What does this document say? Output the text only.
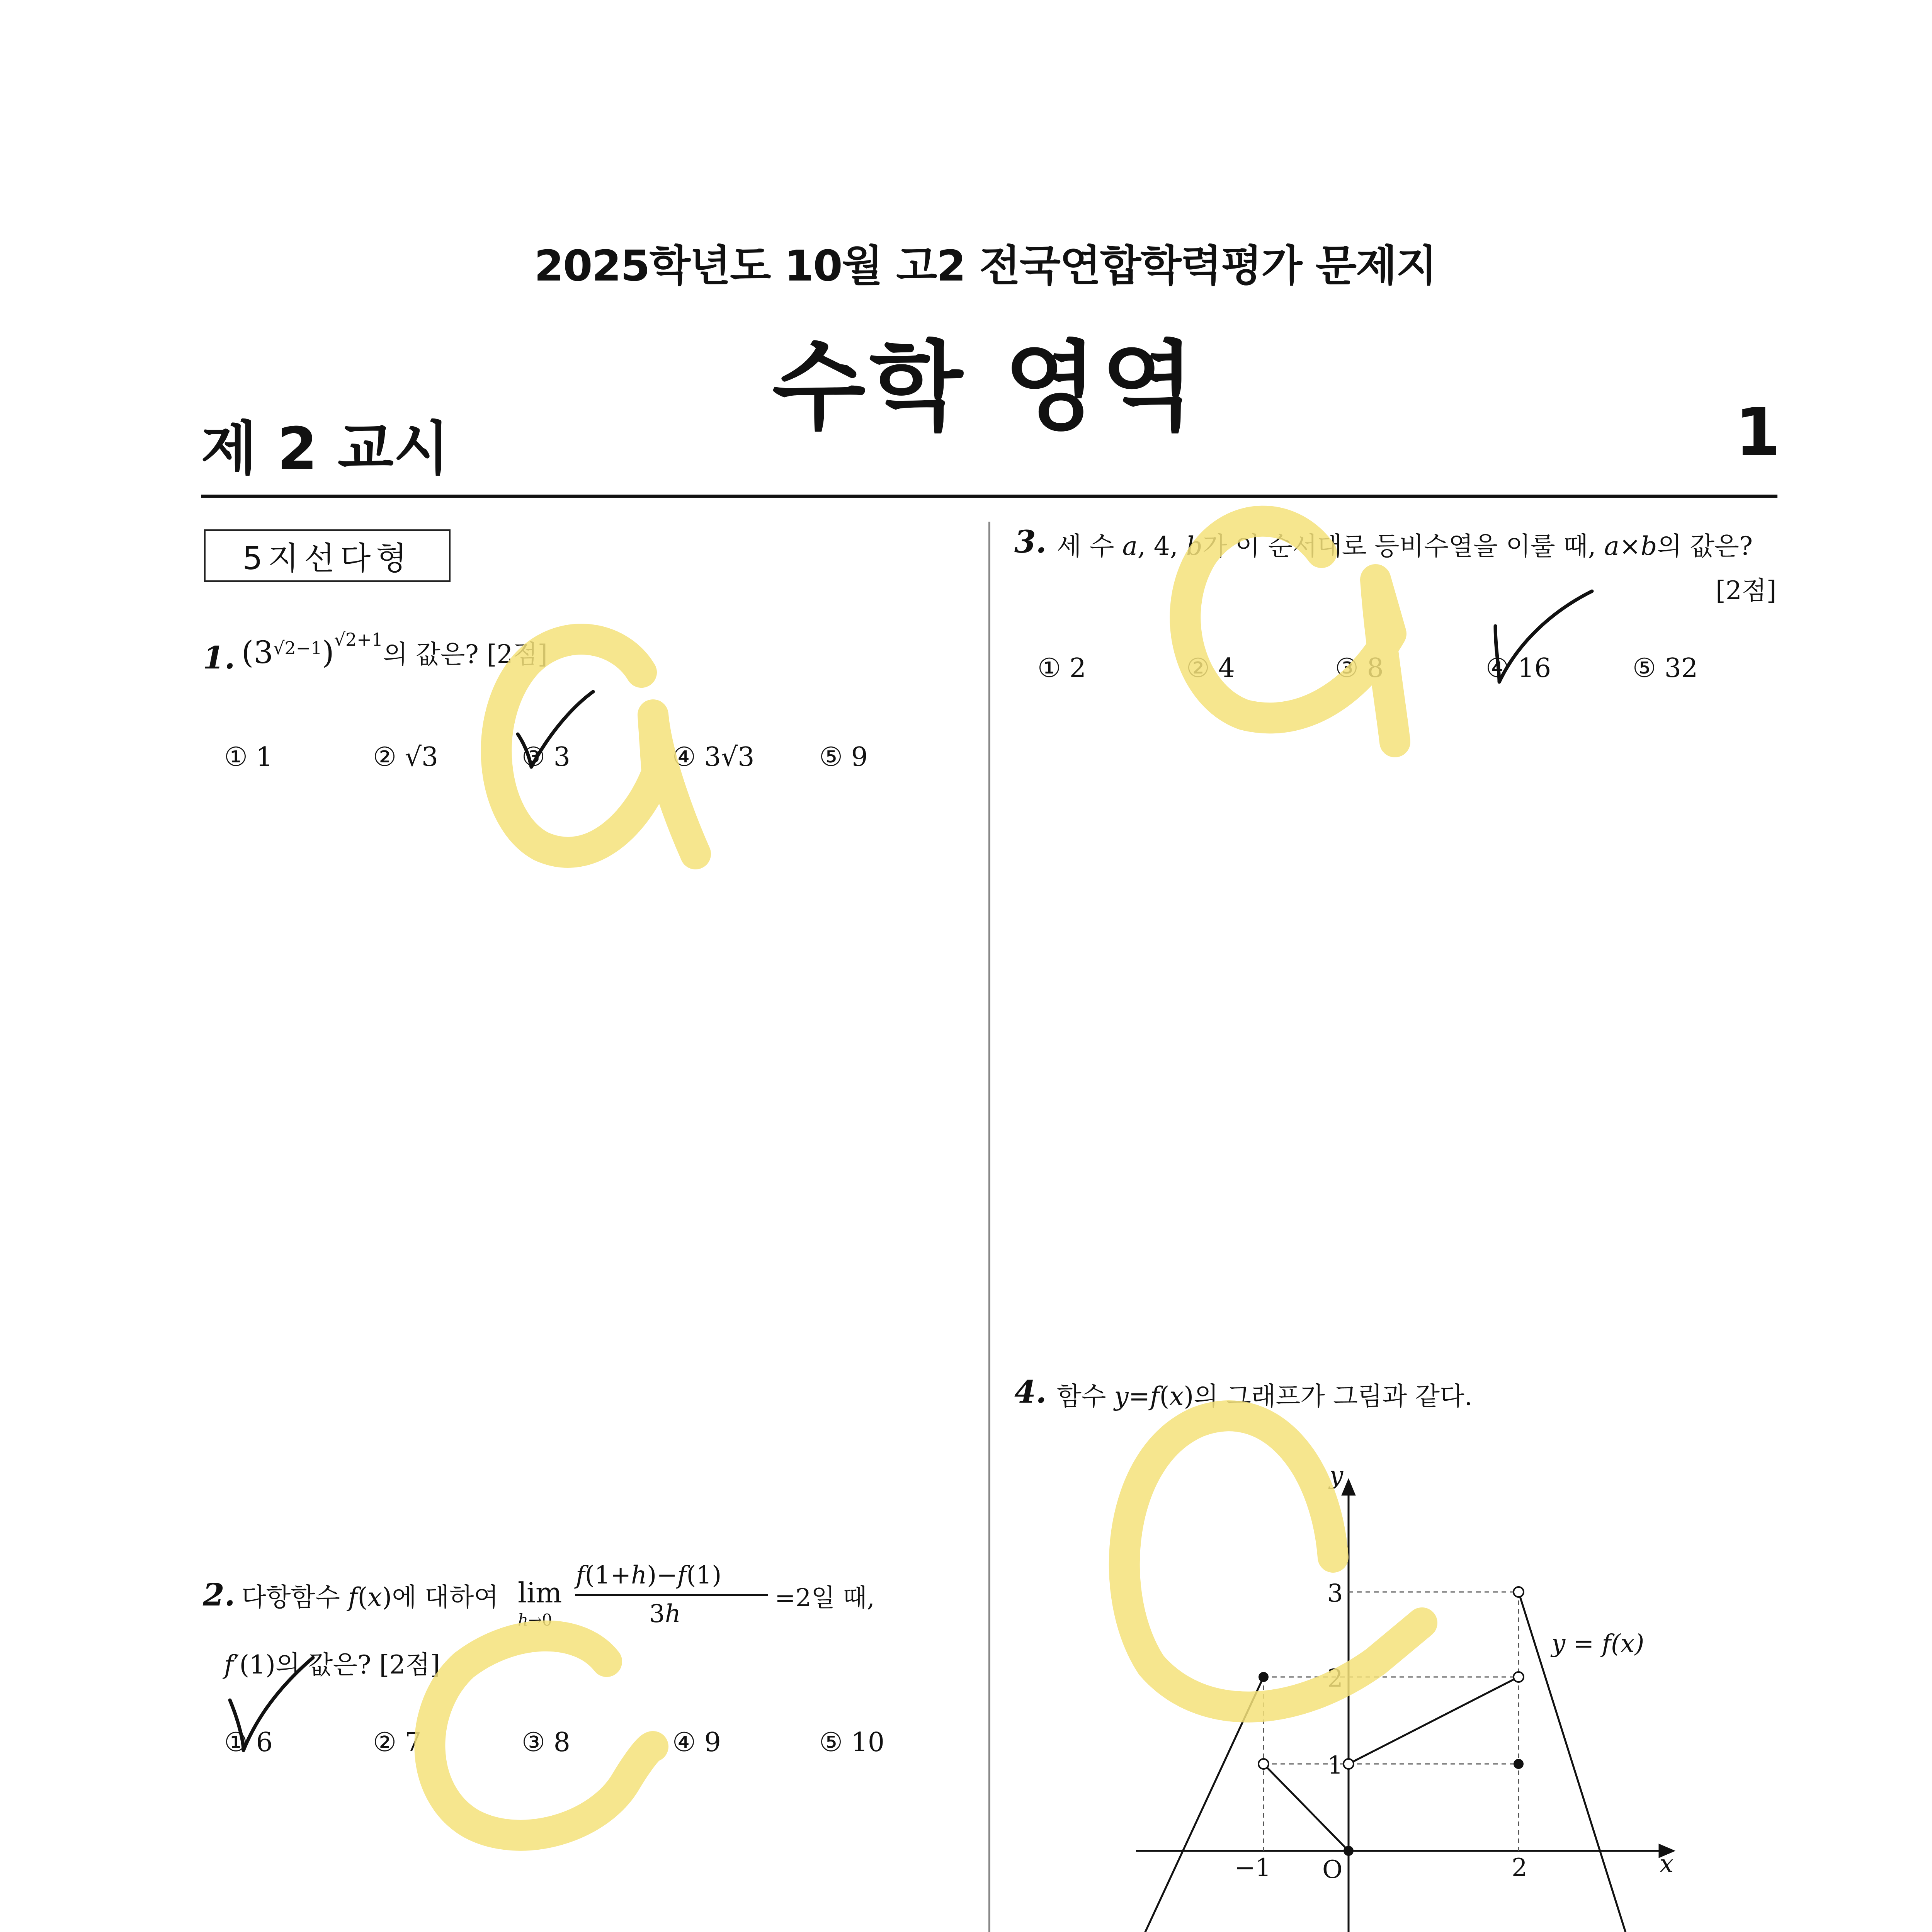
2025학년도 10월 고2 전국연합학력평가 문제지
수학 영역
제 2 교시	1
5지선다형
1. $(3^{√2-1})^{√2+1}$의 값은? [2점]
① 1	② √3	③ 3	④ 3√3 ⑤ 9
2. 다항함수 f(x)에 대하여 lim
h→0
f(1+h)−f(1)
3h
=2일 때,
f′(1)의 값은? [2점]
① 6	② 7	③ 8	④ 9	⑤ 10
3. 세 수 a, 4, b가 이 순서대로 등비수열을 이룰 때, a×b의 값은?
[2점]
① 2	② 4	③ 8	④ 16	⑤ 32
4. 함수 y=f(x)의 그래프가 그림과 같다.
y
x
O
−1	2
1
2
3
y = f(x)
